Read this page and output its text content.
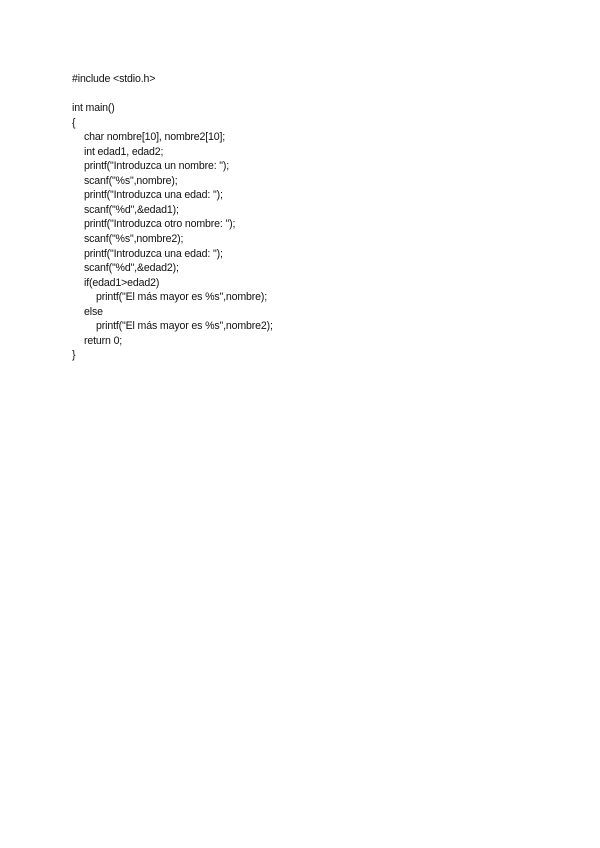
#include <stdio.h>
int main()
{
char nombre[10], nombre2[10];
int edad1, edad2;
printf("Introduzca un nombre: ");
scanf("%s",nombre);
printf("Introduzca una edad: ");
scanf("%d",&edad1);
printf("Introduzca otro nombre: ");
scanf("%s",nombre2);
printf("Introduzca una edad: ");
scanf("%d",&edad2);
if(edad1>edad2)
printf("El más mayor es %s",nombre);
else
printf("El más mayor es %s",nombre2);
return 0;
}
